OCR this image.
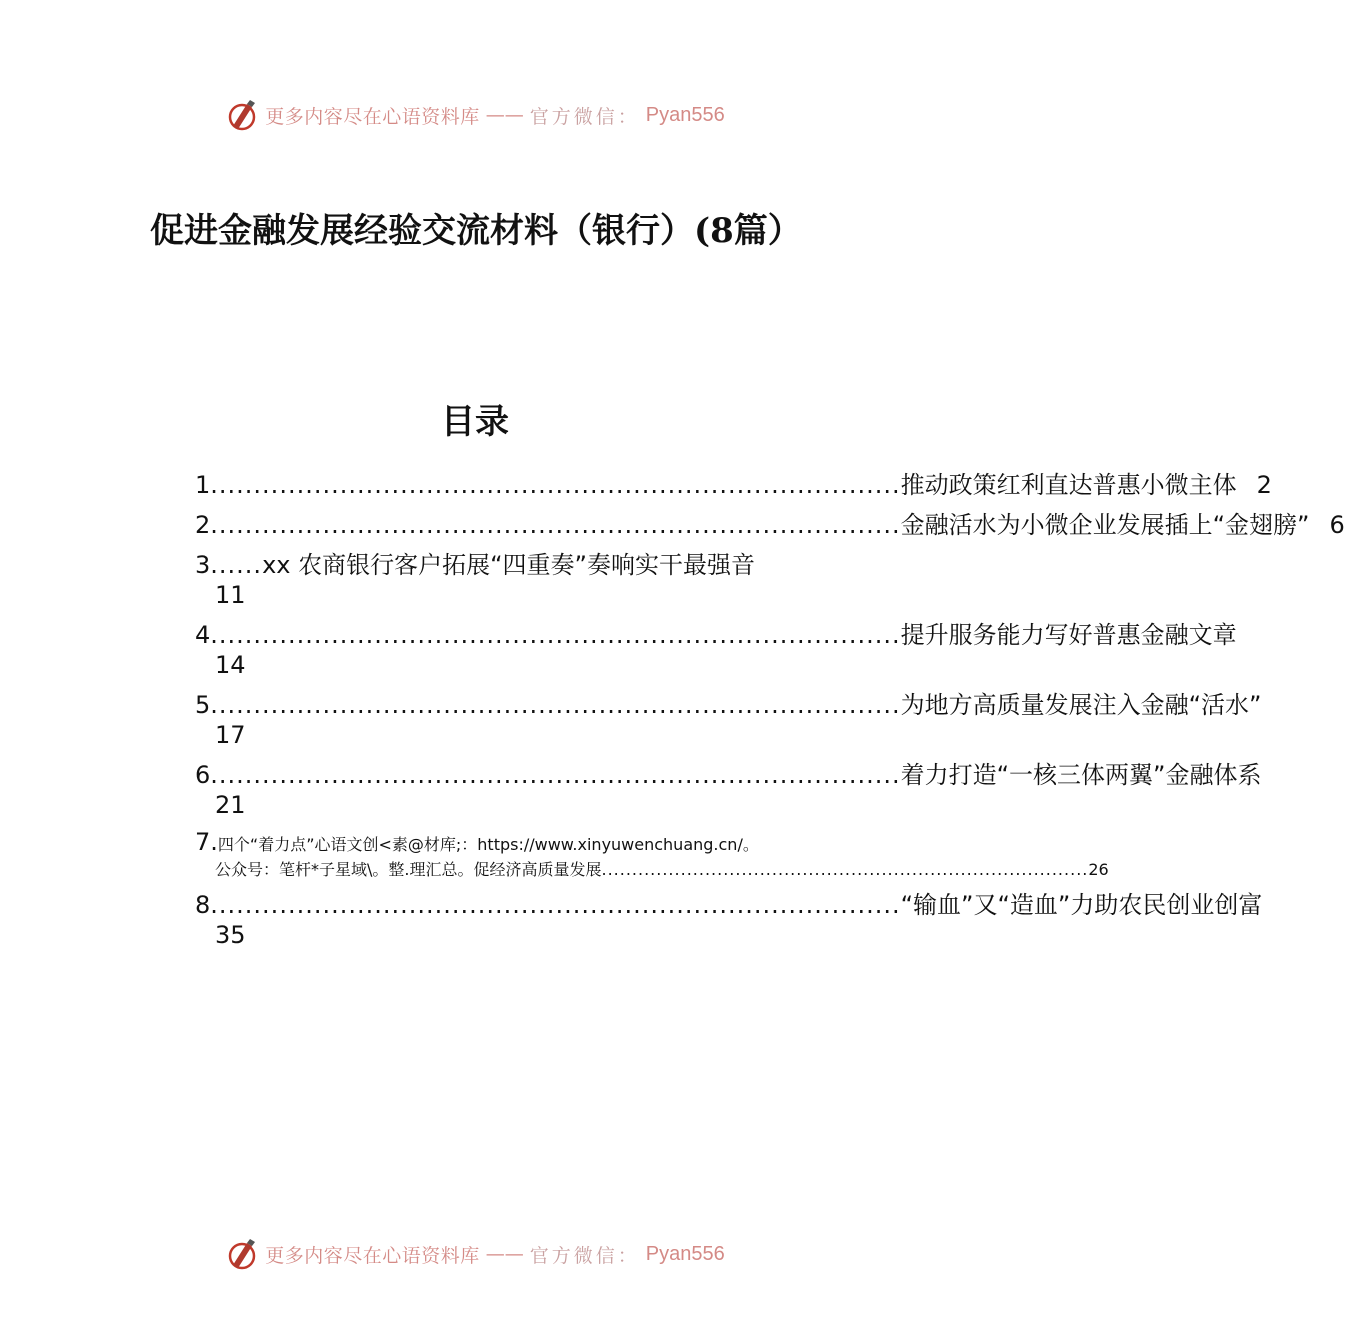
更多内容尽在心语资料库 —— 官方微信： Pyan556
促进金融发展经验交流材料（银行）(8篇）
目录
1 ................................................................................ 推动政策红利直达普惠小微主体 2
2 ................................................................................ 金融活水为小微企业发展插上“金翅膀” 6
3 ...... xx 农商银行客户拓展“四重奏”奏响实干最强音
11
4 ................................................................................ 提升服务能力写好普惠金融文章
14
5 ................................................................................ 为地方高质量发展注入金融“活水”
17
6 ................................................................................ 着力打造“一核三体两翼”金融体系
21
7.四个“着力点”心语文创<素@材库;：https://www.xinyuwenchuang.cn/。
公众号：笔杆*子星域\。整.理汇总。促经济高质量发展 ................................................................................ 26
8 ................................................................................ “输血”又“造血”力助农民创业创富
35
更多内容尽在心语资料库 —— 官方微信： Pyan556
